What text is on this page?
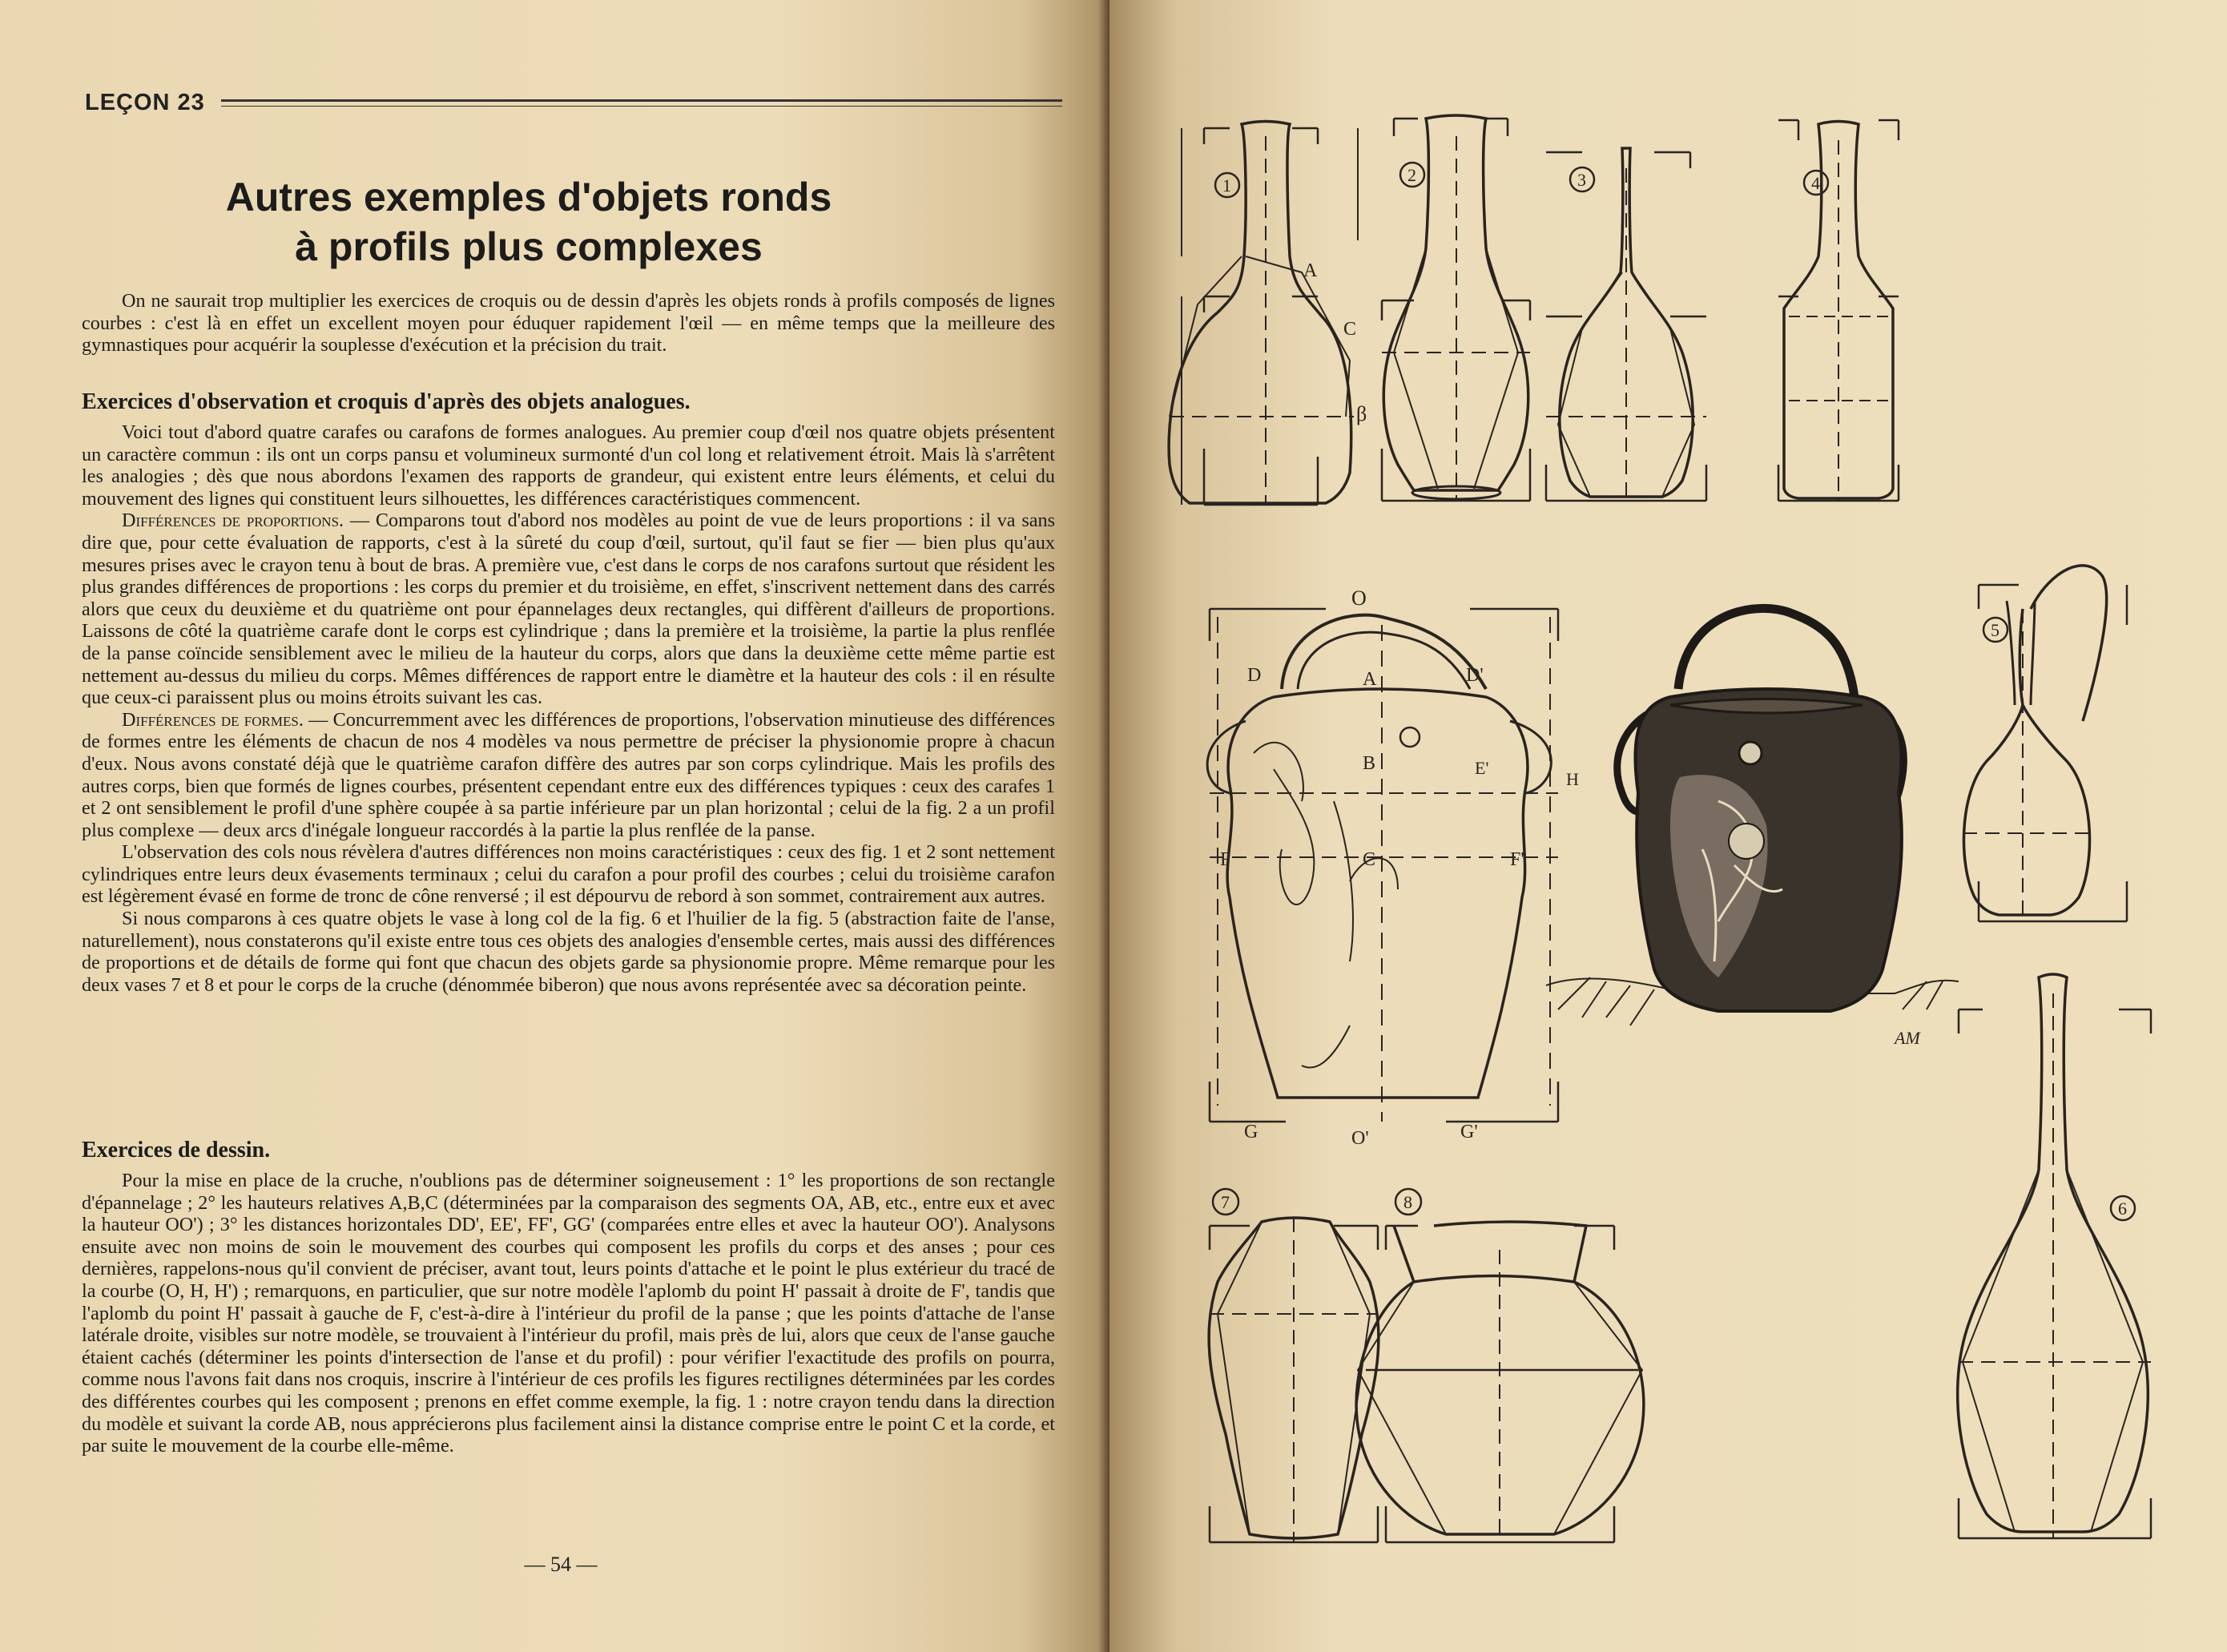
LEÇON 23
Autres exemples d'objets ronds
à profils plus complexes

On ne saurait trop multiplier les exercices de croquis ou de dessin d'après les objets ronds à profils composés de lignes courbes : c'est là en effet un excellent moyen pour éduquer rapidement l'œil — en même temps que la meilleure des gymnastiques pour acquérir la souplesse d'exécution et la précision du trait.

Exercices d'observation et croquis d'après des objets analogues.

Voici tout d'abord quatre carafes ou carafons de formes analogues. Au premier coup d'œil nos quatre objets présentent un caractère commun : ils ont un corps pansu et volumineux surmonté d'un col long et relativement étroit. Mais là s'arrêtent les analogies ; dès que nous abordons l'examen des rapports de grandeur, qui existent entre leurs éléments, et celui du mouvement des lignes qui constituent leurs silhouettes, les différences caractéristiques commencent.

Différences de proportions. — Comparons tout d'abord nos modèles au point de vue de leurs proportions : il va sans dire que, pour cette évaluation de rapports, c'est à la sûreté du coup d'œil, surtout, qu'il faut se fier — bien plus qu'aux mesures prises avec le crayon tenu à bout de bras. A première vue, c'est dans le corps de nos carafons surtout que résident les plus grandes différences de proportions : les corps du premier et du troisième, en effet, s'inscrivent nettement dans des carrés alors que ceux du deuxième et du quatrième ont pour épannelages deux rectangles, qui diffèrent d'ailleurs de proportions. Laissons de côté la quatrième carafe dont le corps est cylindrique ; dans la première et la troisième, la partie la plus renflée de la panse coïncide sensiblement avec le milieu de la hauteur du corps, alors que dans la deuxième cette même partie est nettement au-dessus du milieu du corps. Mêmes différences de rapport entre le diamètre et la hauteur des cols : il en résulte que ceux-ci paraissent plus ou moins étroits suivant les cas.

Différences de formes. — Concurremment avec les différences de proportions, l'observation minutieuse des différences de formes entre les éléments de chacun de nos 4 modèles va nous permettre de préciser la physionomie propre à chacun d'eux. Nous avons constaté déjà que le quatrième carafon diffère des autres par son corps cylindrique. Mais les profils des autres corps, bien que formés de lignes courbes, présentent cependant entre eux des différences typiques : ceux des carafes 1 et 2 ont sensiblement le profil d'une sphère coupée à sa partie inférieure par un plan horizontal ; celui de la fig. 2 a un profil plus complexe — deux arcs d'inégale longueur raccordés à la partie la plus renflée de la panse.

L'observation des cols nous révèlera d'autres différences non moins caractéristiques : ceux des fig. 1 et 2 sont nettement cylindriques entre leurs deux évasements terminaux ; celui du carafon a pour profil des courbes ; celui du troisième carafon est légèrement évasé en forme de tronc de cône renversé ; il est dépourvu de rebord à son sommet, contrairement aux autres.

Si nous comparons à ces quatre objets le vase à long col de la fig. 6 et l'huilier de la fig. 5 (abstraction faite de l'anse, naturellement), nous constaterons qu'il existe entre tous ces objets des analogies d'ensemble certes, mais aussi des différences de proportions et de détails de forme qui font que chacun des objets garde sa physionomie propre. Même remarque pour les deux vases 7 et 8 et pour le corps de la cruche (dénommée biberon) que nous avons représentée avec sa décoration peinte.

Exercices de dessin.

Pour la mise en place de la cruche, n'oublions pas de déterminer soigneusement : 1° les proportions de son rectangle d'épannelage ; 2° les hauteurs relatives A,B,C (déterminées par la comparaison des segments OA, AB, etc., entre eux et avec la hauteur OO') ; 3° les distances horizontales DD', EE', FF', GG' (comparées entre elles et avec la hauteur OO'). Analysons ensuite avec non moins de soin le mouvement des courbes qui composent les profils du corps et des anses ; pour ces dernières, rappelons-nous qu'il convient de préciser, avant tout, leurs points d'attache et le point le plus extérieur du tracé de la courbe (O, H, H') ; remarquons, en particulier, que sur notre modèle l'aplomb du point H' passait à droite de F', tandis que l'aplomb du point H' passait à gauche de F, c'est-à-dire à l'intérieur du profil de la panse ; que les points d'attache de l'anse latérale droite, visibles sur notre modèle, se trouvaient à l'intérieur du profil, mais près de lui, alors que ceux de l'anse gauche étaient cachés (déterminer les points d'intersection de l'anse et du profil) : pour vérifier l'exactitude des profils on pourra, comme nous l'avons fait dans nos croquis, inscrire à l'intérieur de ces profils les figures rectilignes déterminées par les cordes des différentes courbes qui les composent ; prenons en effet comme exemple, la fig. 1 : notre crayon tendu dans la direction du modèle et suivant la corde AB, nous apprécierons plus facilement ainsi la distance comprise entre le point C et la corde, et par suite le mouvement de la courbe elle-même.

— 54 —
1
A
C
β
2	3	4
5
6
7	8
O
D	A	D'
B	E'
H
F	C	F'
G	O'	G'
AM
